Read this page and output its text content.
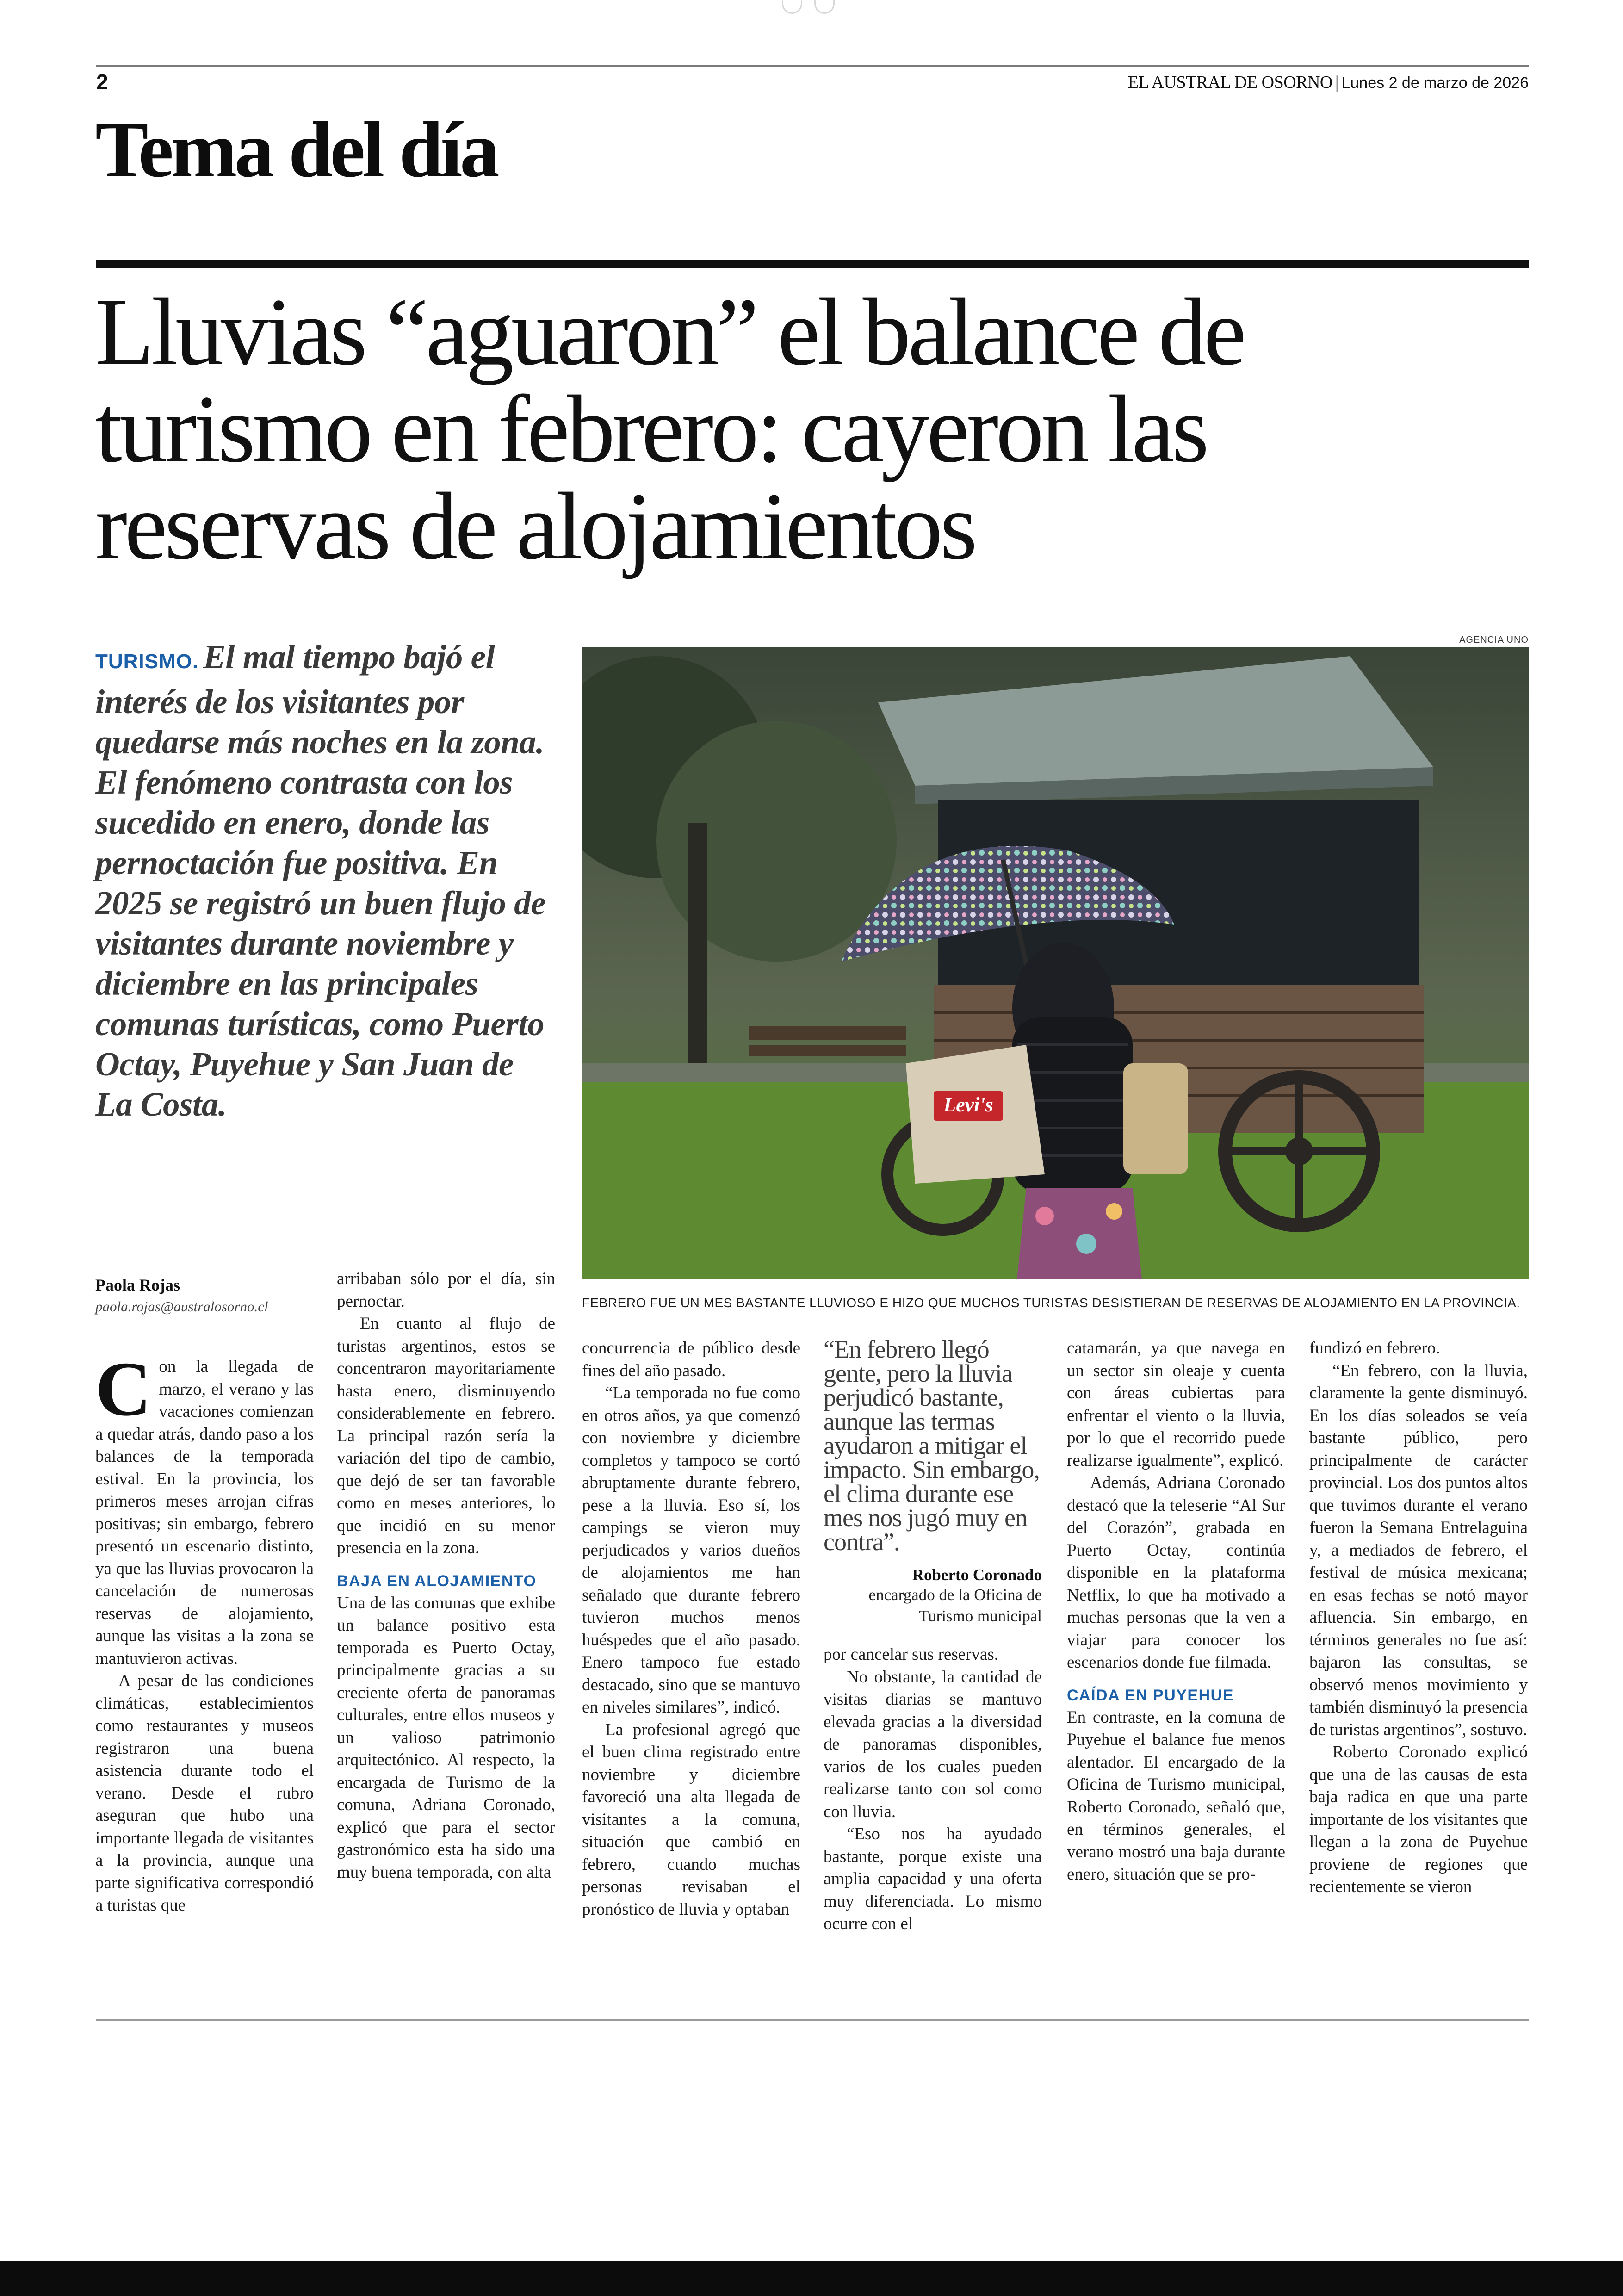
2	EL AUSTRAL DE OSORNO | Lunes 2 de marzo de 2026
Tema del día
Lluvias “aguaron” el balance de turismo en febrero: cayeron las reservas de alojamientos
TURISMO. El mal tiempo bajó el interés de los visitantes por quedarse más noches en la zona. El fenómeno contrasta con los sucedido en enero, donde las pernoctación fue positiva. En 2025 se registró un buen flujo de visitantes durante noviembre y diciembre en las principales comunas turísticas, como Puerto Octay, Puyehue y San Juan de La Costa.
AGENCIA UNO
Levi's
FEBRERO FUE UN MES BASTANTE LLUVIOSO E HIZO QUE MUCHOS TURISTAS DESISTIERAN DE RESERVAS DE ALOJAMIENTO EN LA PROVINCIA.
Paola Rojas
paola.rojas@australosorno.cl
C on la llegada de marzo, el verano y las vacaciones comienzan a quedar atrás, dando paso a los balances de la temporada estival. En la provincia, los primeros meses arrojan cifras positivas; sin embargo, febrero presentó un escenario distinto, ya que las lluvias provocaron la cancelación de numerosas reservas de alojamiento, aunque las visitas a la zona se mantuvieron activas.

A pesar de las condiciones climáticas, establecimientos como restaurantes y museos registraron una buena asistencia durante todo el verano. Desde el rubro aseguran que hubo una importante llegada de visitantes a la provincia, aunque una parte significativa correspondió a turistas que

arribaban sólo por el día, sin pernoctar.

En cuanto al flujo de turistas argentinos, estos se concentraron mayoritariamente hasta enero, disminuyendo considerablemente en febrero. La principal razón sería la variación del tipo de cambio, que dejó de ser tan favorable como en meses anteriores, lo que incidió en su menor presencia en la zona.

BAJA EN ALOJAMIENTO

Una de las comunas que exhibe un balance positivo esta temporada es Puerto Octay, principalmente gracias a su creciente oferta de panoramas culturales, entre ellos museos y un valioso patrimonio arquitectónico. Al respecto, la encargada de Turismo de la comuna, Adriana Coronado, explicó que para el sector gastronómico esta ha sido una muy buena temporada, con alta

concurrencia de público desde fines del año pasado.

“La temporada no fue como en otros años, ya que comenzó con noviembre y diciembre completos y tampoco se cortó abruptamente durante febrero, pese a la lluvia. Eso sí, los campings se vieron muy perjudicados y varios dueños de alojamientos me han señalado que durante febrero tuvieron muchos menos huéspedes que el año pasado. Enero tampoco fue estado destacado, sino que se mantuvo en niveles similares”, indicó.

La profesional agregó que el buen clima registrado entre noviembre y diciembre favoreció una alta llegada de visitantes a la comuna, situación que cambió en febrero, cuando muchas personas revisaban el pronóstico de lluvia y optaban

“En febrero llegó gente, pero la lluvia perjudicó bastante, aunque las termas ayudaron a mitigar el impacto. Sin embargo, el clima durante ese mes nos jugó muy en contra”.
Roberto Coronado
encargado de la Oficina de Turismo municipal

por cancelar sus reservas.

No obstante, la cantidad de visitas diarias se mantuvo elevada gracias a la diversidad de panoramas disponibles, varios de los cuales pueden realizarse tanto con sol como con lluvia.

“Eso nos ha ayudado bastante, porque existe una amplia capacidad y una oferta muy diferenciada. Lo mismo ocurre con el

catamarán, ya que navega en un sector sin oleaje y cuenta con áreas cubiertas para enfrentar el viento o la lluvia, por lo que el recorrido puede realizarse igualmente”, explicó.

Además, Adriana Coronado destacó que la teleserie “Al Sur del Corazón”, grabada en Puerto Octay, continúa disponible en la plataforma Netflix, lo que ha motivado a muchas personas que la ven a viajar para conocer los escenarios donde fue filmada.

CAÍDA EN PUYEHUE

En contraste, en la comuna de Puyehue el balance fue menos alentador. El encargado de la Oficina de Turismo municipal, Roberto Coronado, señaló que, en términos generales, el verano mostró una baja durante enero, situación que se pro-

fundizó en febrero.

“En febrero, con la lluvia, claramente la gente disminuyó. En los días soleados se veía bastante público, pero principalmente de carácter provincial. Los dos puntos altos que tuvimos durante el verano fueron la Semana Entrelaguina y, a mediados de febrero, el festival de música mexicana; en esas fechas se notó mayor afluencia. Sin embargo, en términos generales no fue así: bajaron las consultas, se observó menos movimiento y también disminuyó la presencia de turistas argentinos”, sostuvo.

Roberto Coronado explicó que una de las causas de esta baja radica en que una parte importante de los visitantes que llegan a la zona de Puyehue proviene de regiones que recientemente se vieron
